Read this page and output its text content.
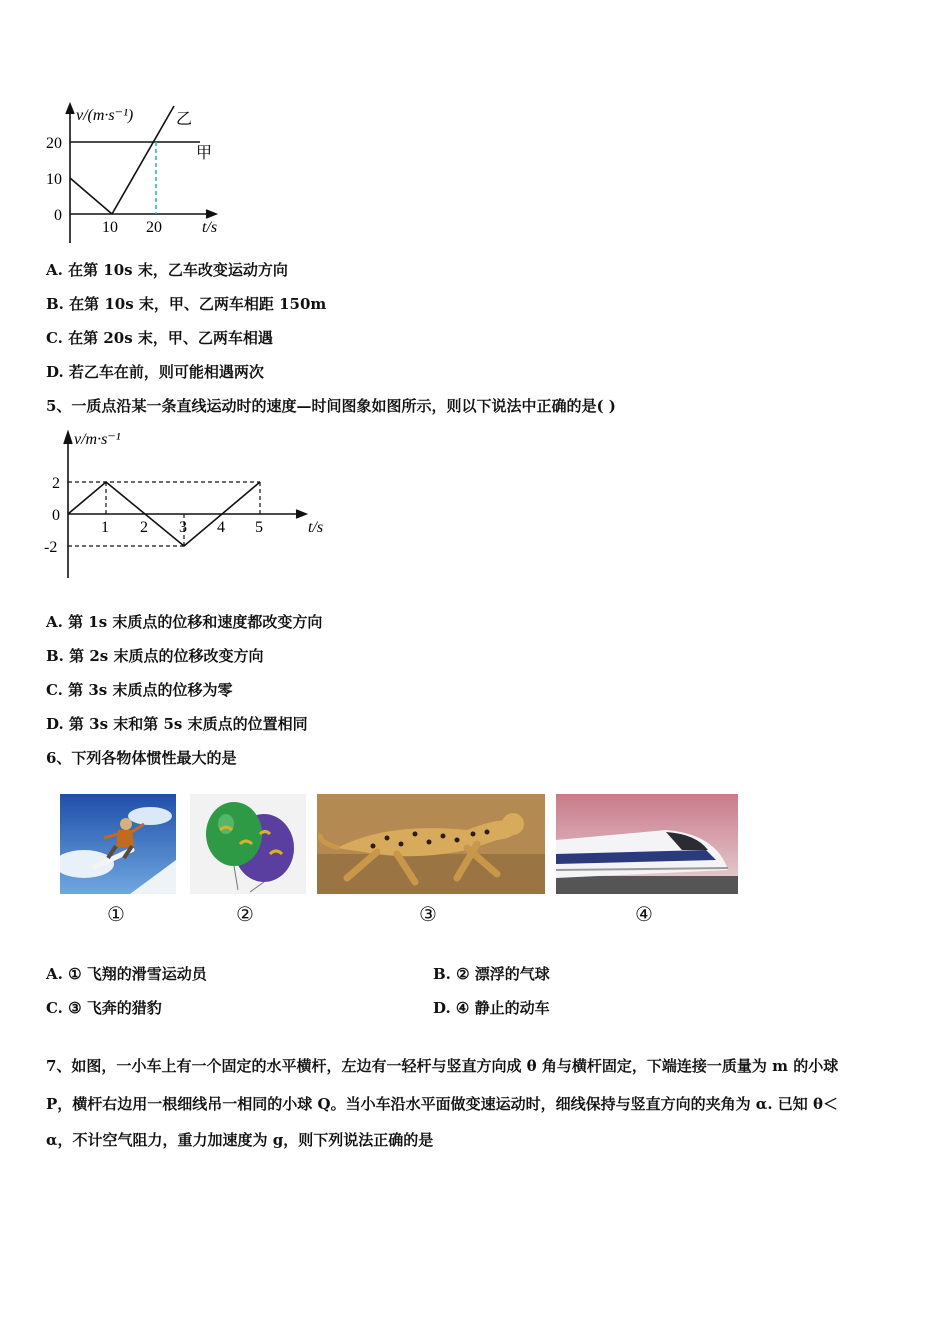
v/(m·s⁻¹)
20
10
0
10 20	t/s
乙
甲
A. 在第 10s 末，乙车改变运动方向
B. 在第 10s 末，甲、乙两车相距 150m
C. 在第 20s 末，甲、乙两车相遇
D. 若乙车在前，则可能相遇两次
5、一质点沿某一条直线运动时的速度—时间图象如图所示，则以下说法中正确的是( )
v/m·s⁻¹
2
0
-2
1 2 3 4 5	t/s
A. 第 1s 末质点的位移和速度都改变方向
B. 第 2s 末质点的位移改变方向
C. 第 3s 末质点的位移为零
D. 第 3s 末和第 5s 末质点的位置相同
6、下列各物体惯性最大的是
①	②	③	④
A. ① 飞翔的滑雪运动员	B. ② 漂浮的气球
C. ③ 飞奔的猎豹	D. ④ 静止的动车
7、如图，一小车上有一个固定的水平横杆，左边有一轻杆与竖直方向成 θ 角与横杆固定，下端连接一质量为 m 的小球
P，横杆右边用一根细线吊一相同的小球 Q。当小车沿水平面做变速运动时，细线保持与竖直方向的夹角为 α. 已知 θ＜
α，不计空气阻力，重力加速度为 g，则下列说法正确的是
